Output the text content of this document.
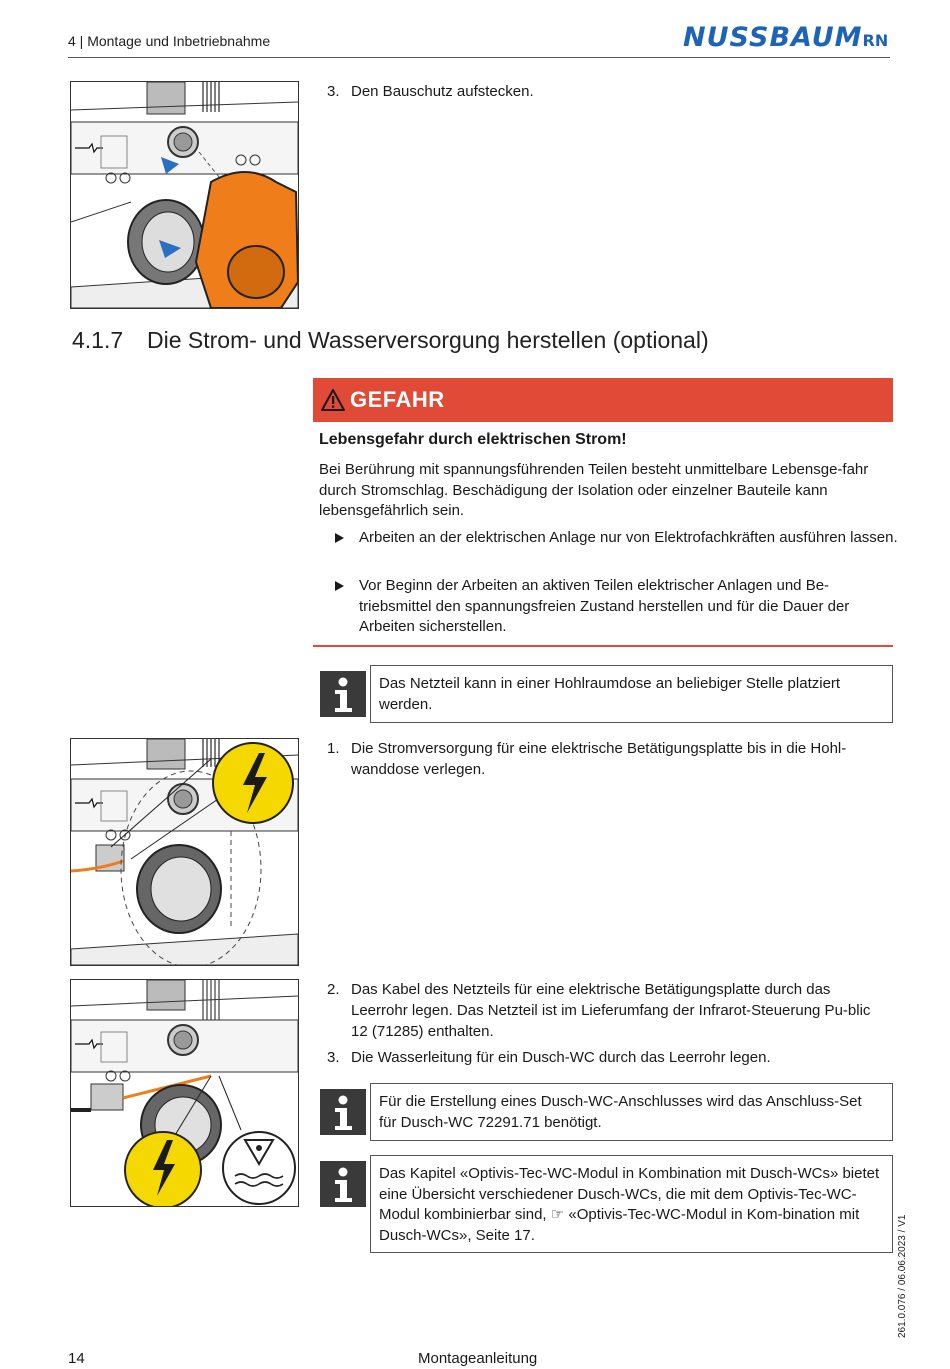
4 | Montage und Inbetriebnahme	NUSSBAUMRN
3. Den Bauschutz aufstecken.
4.1.7 Die Strom- und Wasserversorgung herstellen (optional)
GEFAHR
Lebensgefahr durch elektrischen Strom!
Bei Berührung mit spannungsführenden Teilen besteht unmittelbare Lebensge-fahr durch Stromschlag. Beschädigung der Isolation oder einzelner Bauteile kann lebensgefährlich sein.
Arbeiten an der elektrischen Anlage nur von Elektrofachkräften ausführen lassen.
Vor Beginn der Arbeiten an aktiven Teilen elektrischer Anlagen und Be-triebsmittel den spannungsfreien Zustand herstellen und für die Dauer der Arbeiten sicherstellen.
Das Netzteil kann in einer Hohlraumdose an beliebiger Stelle platziert werden.
1. Die Stromversorgung für eine elektrische Betätigungsplatte bis in die Hohl-wanddose verlegen.
2. Das Kabel des Netzteils für eine elektrische Betätigungsplatte durch das Leerrohr legen. Das Netzteil ist im Lieferumfang der Infrarot-Steuerung Pu-blic 12 (71285) enthalten.
3. Die Wasserleitung für ein Dusch-WC durch das Leerrohr legen.
Für die Erstellung eines Dusch-WC-Anschlusses wird das Anschluss-Set für Dusch-WC 72291.71 benötigt.
Das Kapitel «Optivis-Tec-WC-Modul in Kombination mit Dusch-WCs» bietet eine Übersicht verschiedener Dusch-WCs, die mit dem Optivis-Tec-WC-Modul kombinierbar sind, ☞ «Optivis-Tec-WC-Modul in Kom-bination mit Dusch-WCs», Seite 17.
14	Montageanleitung
261.0.076 / 06.06.2023 / V1
